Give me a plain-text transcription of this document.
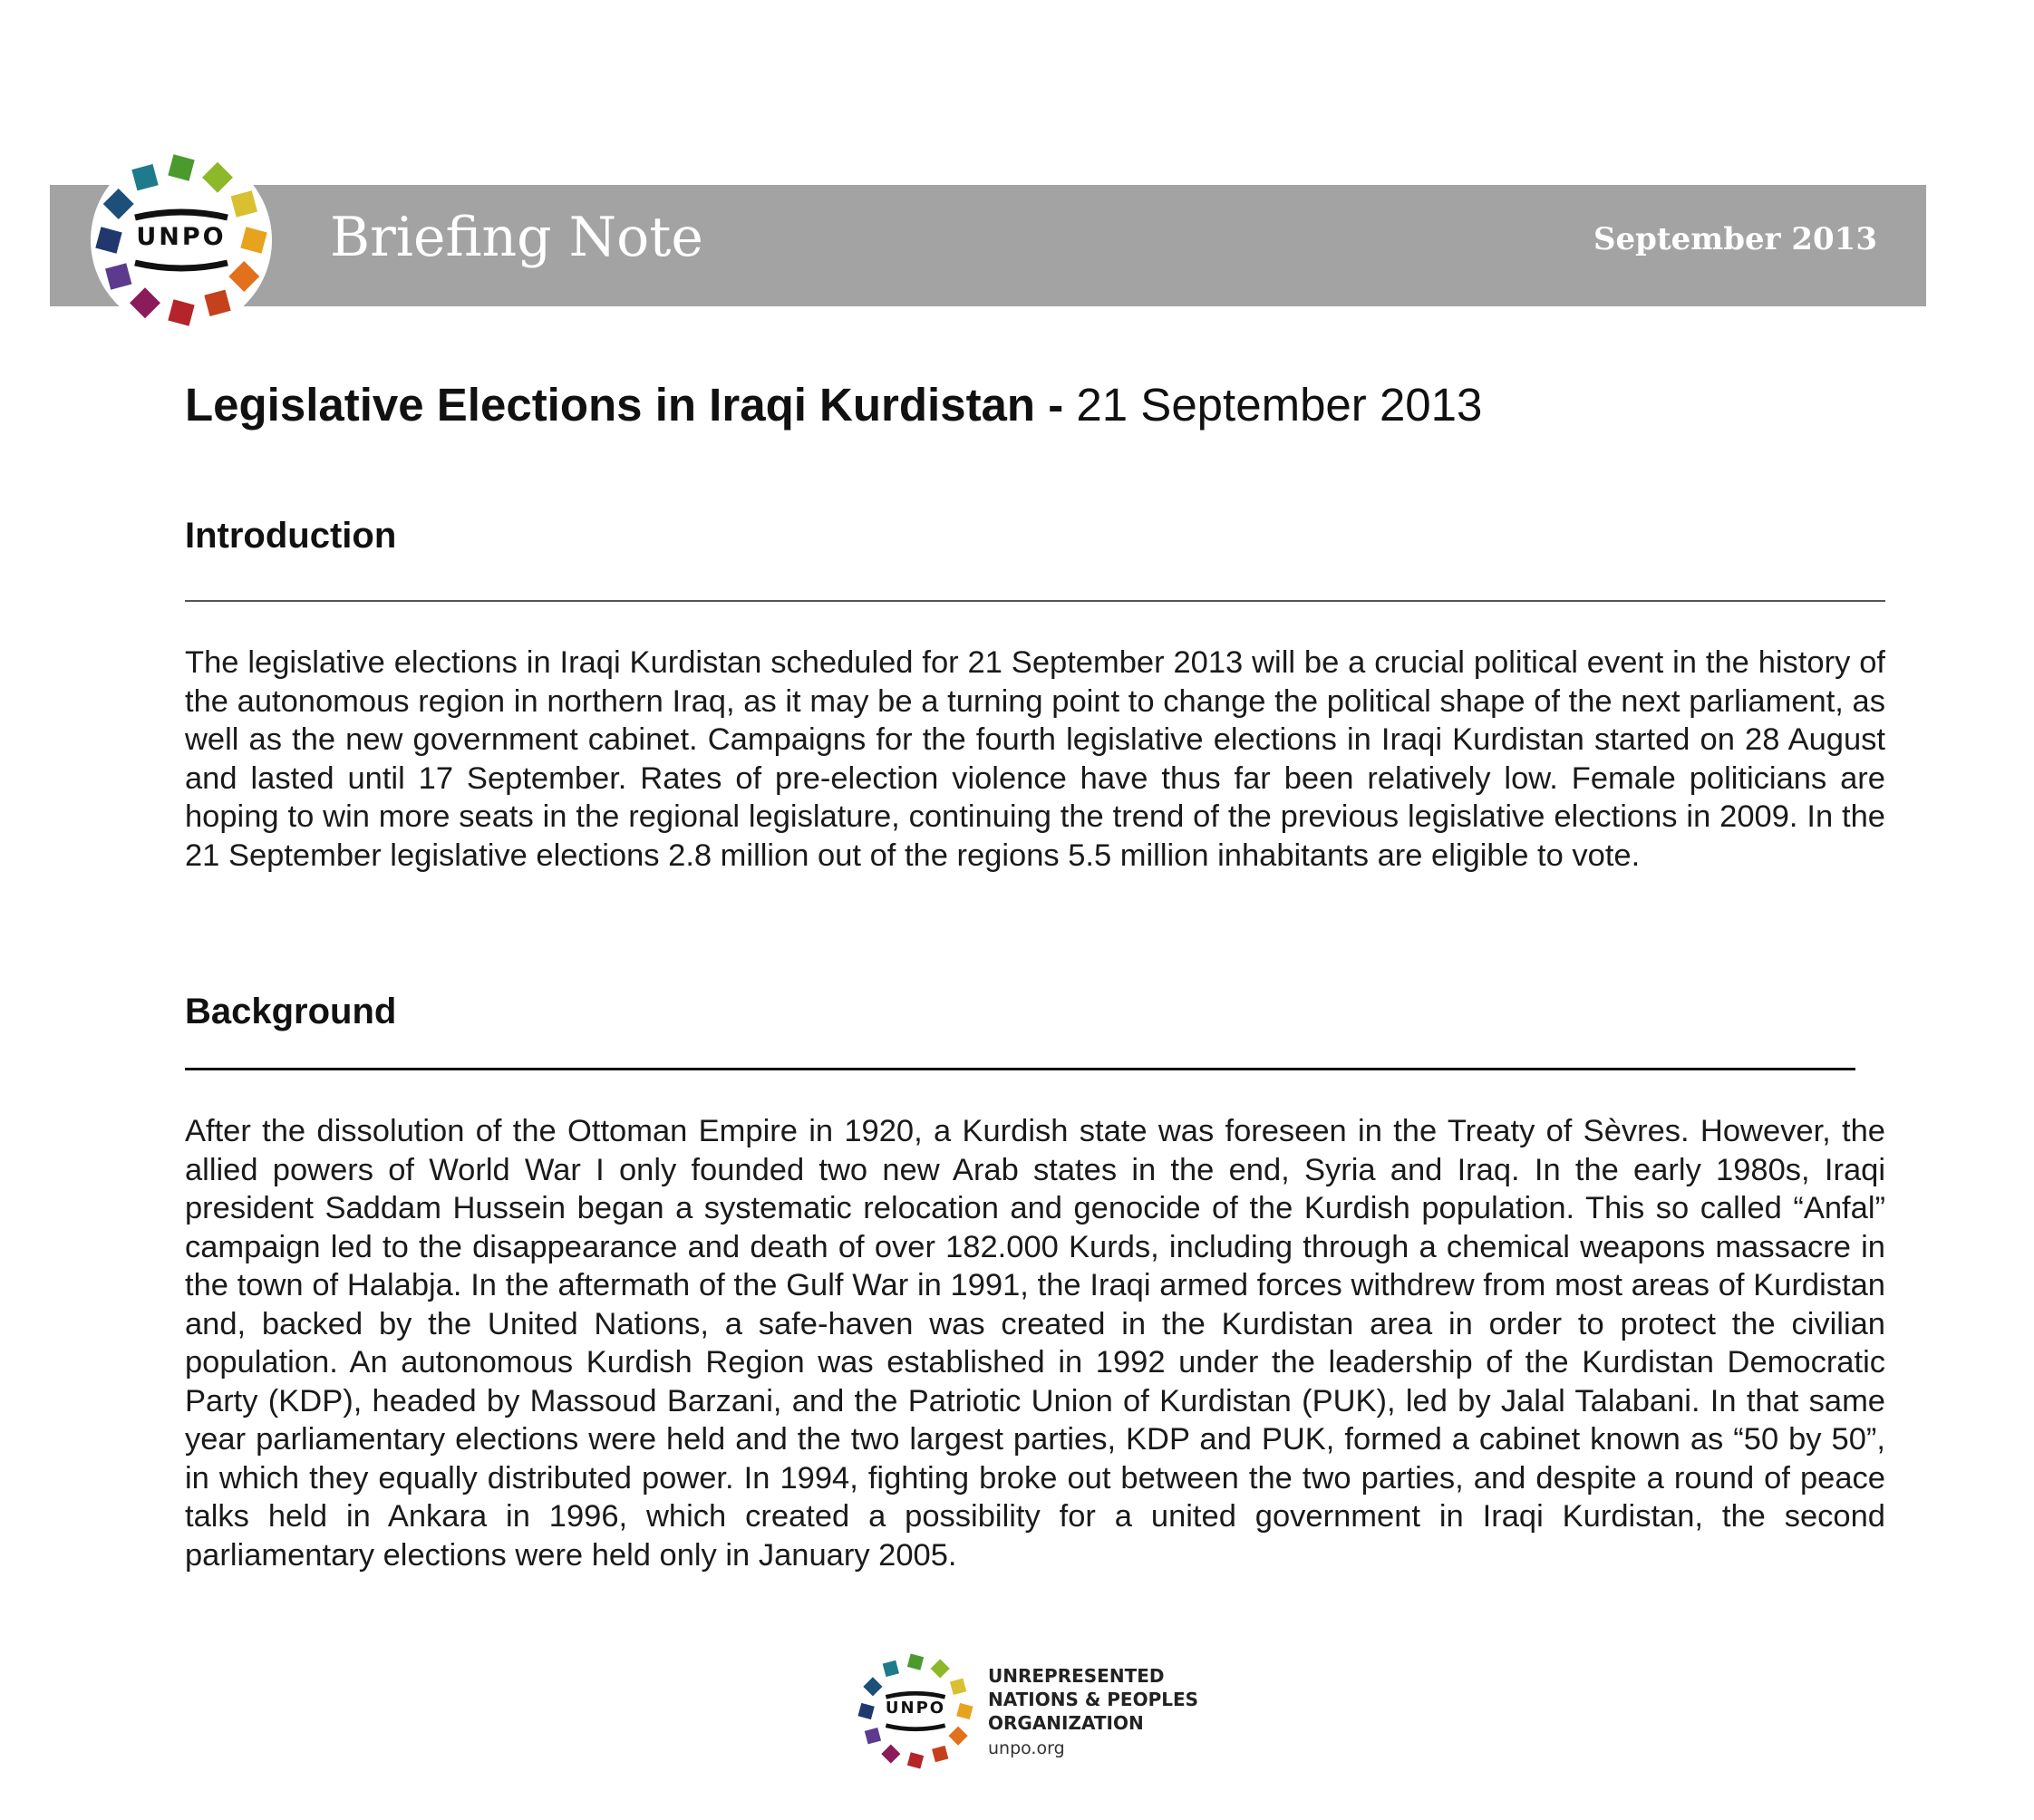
UNPO	Briefing Note	September 2013
Legislative Elections in Iraqi Kurdistan - 21 September 2013
Introduction
The legislative elections in Iraqi Kurdistan scheduled for 21 September 2013 will be a crucial political event in the history of the autonomous region in northern Iraq, as it may be a turning point to change the political shape of the next parliament, as well as the new government cabinet. Campaigns for the fourth legislative elections in Iraqi Kurdistan started on 28 August and lasted until 17 September. Rates of pre-election violence have thus far been relatively low. Female politicians are hoping to win more seats in the regional legislature, continuing the trend of the previous legislative elections in 2009. In the 21 September legislative elections 2.8 million out of the regions 5.5 million inhabitants are eligible to vote.
Background
After the dissolution of the Ottoman Empire in 1920, a Kurdish state was foreseen in the Treaty of Sèvres. However, the allied powers of World War I only founded two new Arab states in the end, Syria and Iraq. In the early 1980s, Iraqi president Saddam Hussein began a systematic relocation and genocide of the Kurdish population. This so called “Anfal” campaign led to the disappearance and death of over 182.000 Kurds, including through a chemical weapons massacre in the town of Halabja. In the aftermath of the Gulf War in 1991, the Iraqi armed forces withdrew from most areas of Kurdistan and, backed by the United Nations, a safe-haven was created in the Kurdistan area in order to protect the civilian population. An autonomous Kurdish Region was established in 1992 under the leadership of the Kurdistan Democratic Party (KDP), headed by Massoud Barzani, and the Patriotic Union of Kurdistan (PUK), led by Jalal Talabani. In that same year parliamentary elections were held and the two largest parties, KDP and PUK, formed a cabinet known as “50 by 50”, in which they equally distributed power. In 1994, fighting broke out between the two parties, and despite a round of peace talks held in Ankara in 1996, which created a possibility for a united government in Iraqi Kurdistan, the second parliamentary elections were held only in January 2005.
UNPO
UNREPRESENTED
NATIONS & PEOPLES
ORGANIZATION
unpo.org
